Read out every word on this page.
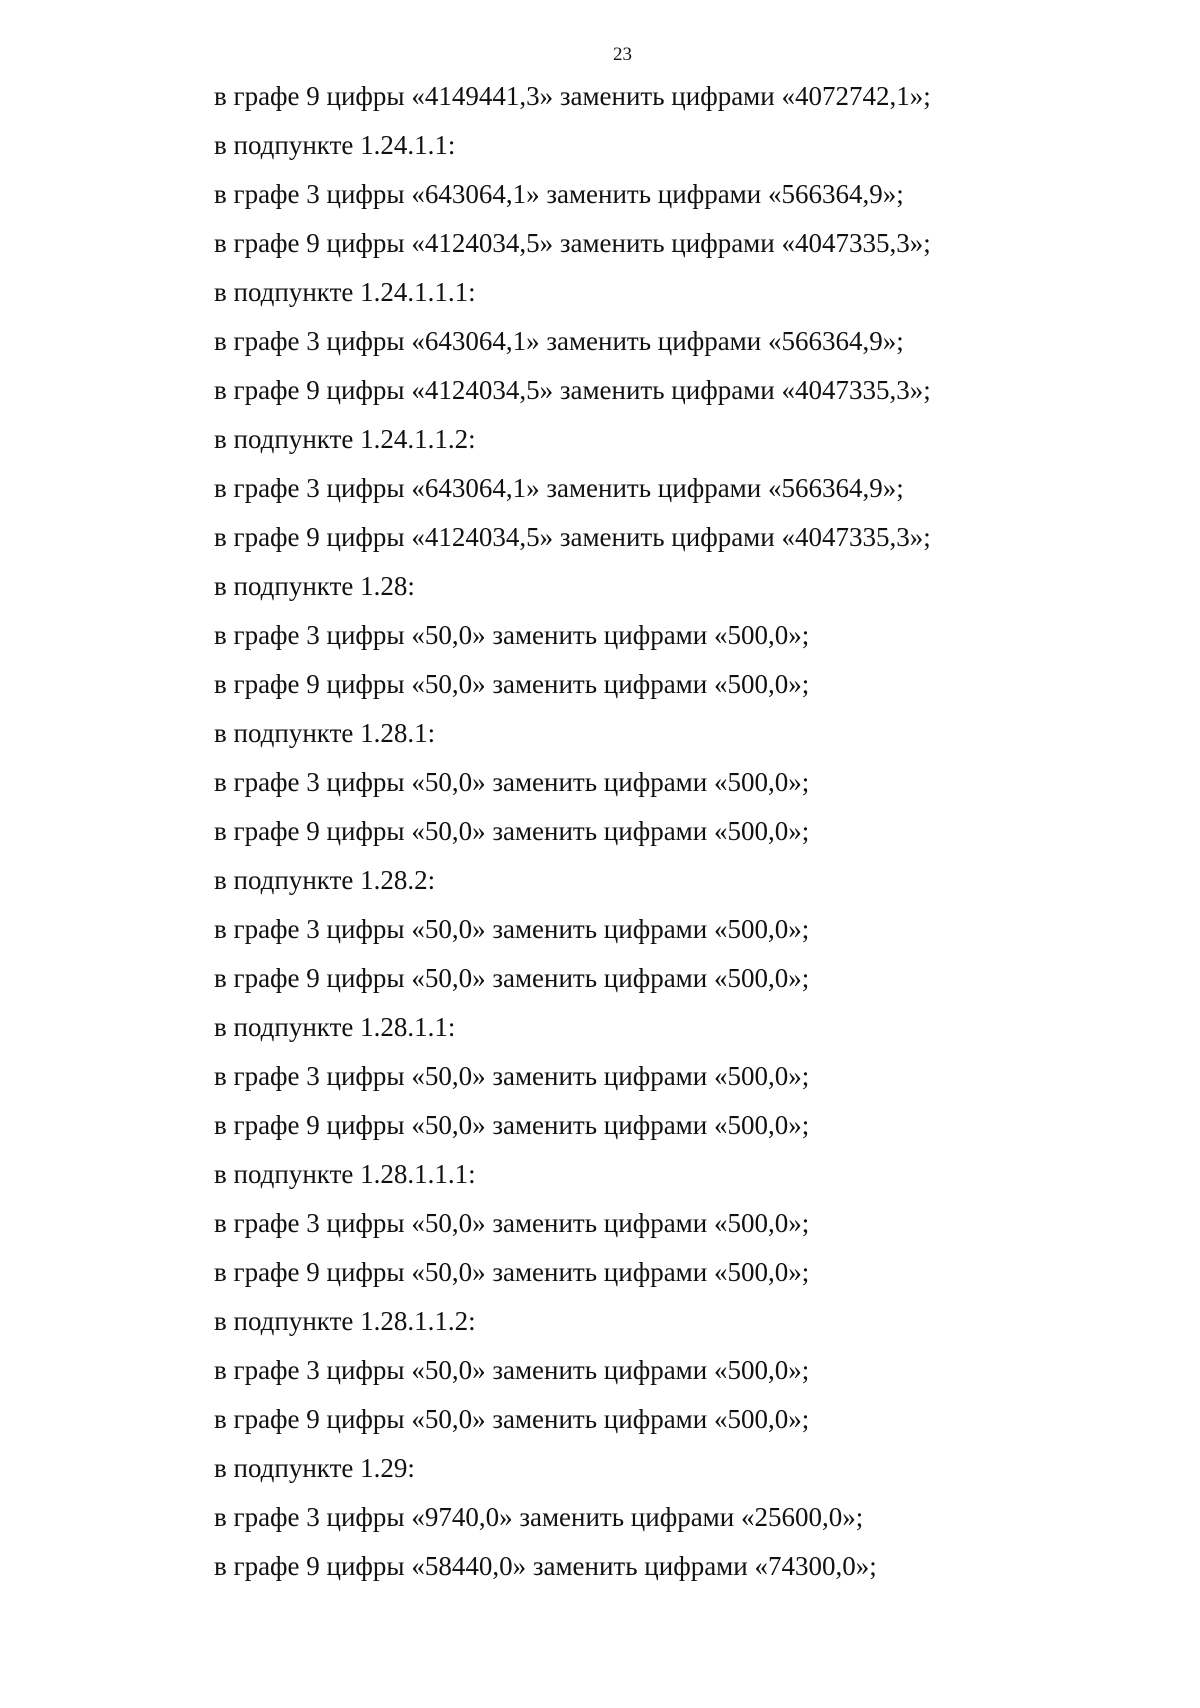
23
в графе 9 цифры «4149441,3» заменить цифрами «4072742,1»;
в подпункте 1.24.1.1:
в графе 3 цифры «643064,1» заменить цифрами «566364,9»;
в графе 9 цифры «4124034,5» заменить цифрами «4047335,3»;
в подпункте 1.24.1.1.1:
в графе 3 цифры «643064,1» заменить цифрами «566364,9»;
в графе 9 цифры «4124034,5» заменить цифрами «4047335,3»;
в подпункте 1.24.1.1.2:
в графе 3 цифры «643064,1» заменить цифрами «566364,9»;
в графе 9 цифры «4124034,5» заменить цифрами «4047335,3»;
в подпункте 1.28:
в графе 3 цифры «50,0» заменить цифрами «500,0»;
в графе 9 цифры «50,0» заменить цифрами «500,0»;
в подпункте 1.28.1:
в графе 3 цифры «50,0» заменить цифрами «500,0»;
в графе 9 цифры «50,0» заменить цифрами «500,0»;
в подпункте 1.28.2:
в графе 3 цифры «50,0» заменить цифрами «500,0»;
в графе 9 цифры «50,0» заменить цифрами «500,0»;
в подпункте 1.28.1.1:
в графе 3 цифры «50,0» заменить цифрами «500,0»;
в графе 9 цифры «50,0» заменить цифрами «500,0»;
в подпункте 1.28.1.1.1:
в графе 3 цифры «50,0» заменить цифрами «500,0»;
в графе 9 цифры «50,0» заменить цифрами «500,0»;
в подпункте 1.28.1.1.2:
в графе 3 цифры «50,0» заменить цифрами «500,0»;
в графе 9 цифры «50,0» заменить цифрами «500,0»;
в подпункте 1.29:
в графе 3 цифры «9740,0» заменить цифрами «25600,0»;
в графе 9 цифры «58440,0» заменить цифрами «74300,0»;
